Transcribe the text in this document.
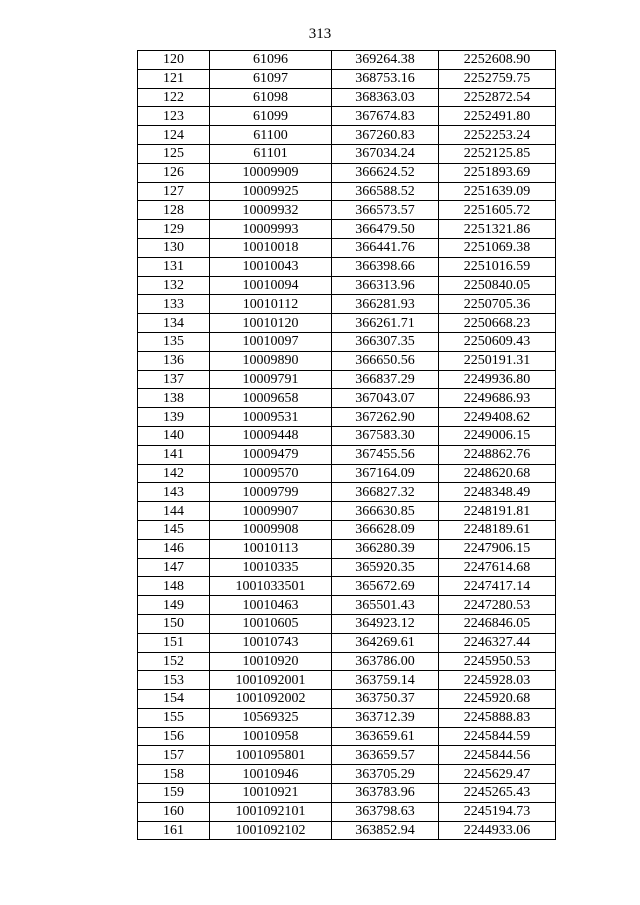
313
120	61096	369264.38	2252608.90
121	61097	368753.16	2252759.75
122	61098	368363.03	2252872.54
123	61099	367674.83	2252491.80
124	61100	367260.83	2252253.24
125	61101	367034.24	2252125.85
126	10009909	366624.52	2251893.69
127	10009925	366588.52	2251639.09
128	10009932	366573.57	2251605.72
129	10009993	366479.50	2251321.86
130	10010018	366441.76	2251069.38
131	10010043	366398.66	2251016.59
132	10010094	366313.96	2250840.05
133	10010112	366281.93	2250705.36
134	10010120	366261.71	2250668.23
135	10010097	366307.35	2250609.43
136	10009890	366650.56	2250191.31
137	10009791	366837.29	2249936.80
138	10009658	367043.07	2249686.93
139	10009531	367262.90	2249408.62
140	10009448	367583.30	2249006.15
141	10009479	367455.56	2248862.76
142	10009570	367164.09	2248620.68
143	10009799	366827.32	2248348.49
144	10009907	366630.85	2248191.81
145	10009908	366628.09	2248189.61
146	10010113	366280.39	2247906.15
147	10010335	365920.35	2247614.68
148	1001033501	365672.69	2247417.14
149	10010463	365501.43	2247280.53
150	10010605	364923.12	2246846.05
151	10010743	364269.61	2246327.44
152	10010920	363786.00	2245950.53
153	1001092001	363759.14	2245928.03
154	1001092002	363750.37	2245920.68
155	10569325	363712.39	2245888.83
156	10010958	363659.61	2245844.59
157	1001095801	363659.57	2245844.56
158	10010946	363705.29	2245629.47
159	10010921	363783.96	2245265.43
160	1001092101	363798.63	2245194.73
161	1001092102	363852.94	2244933.06
